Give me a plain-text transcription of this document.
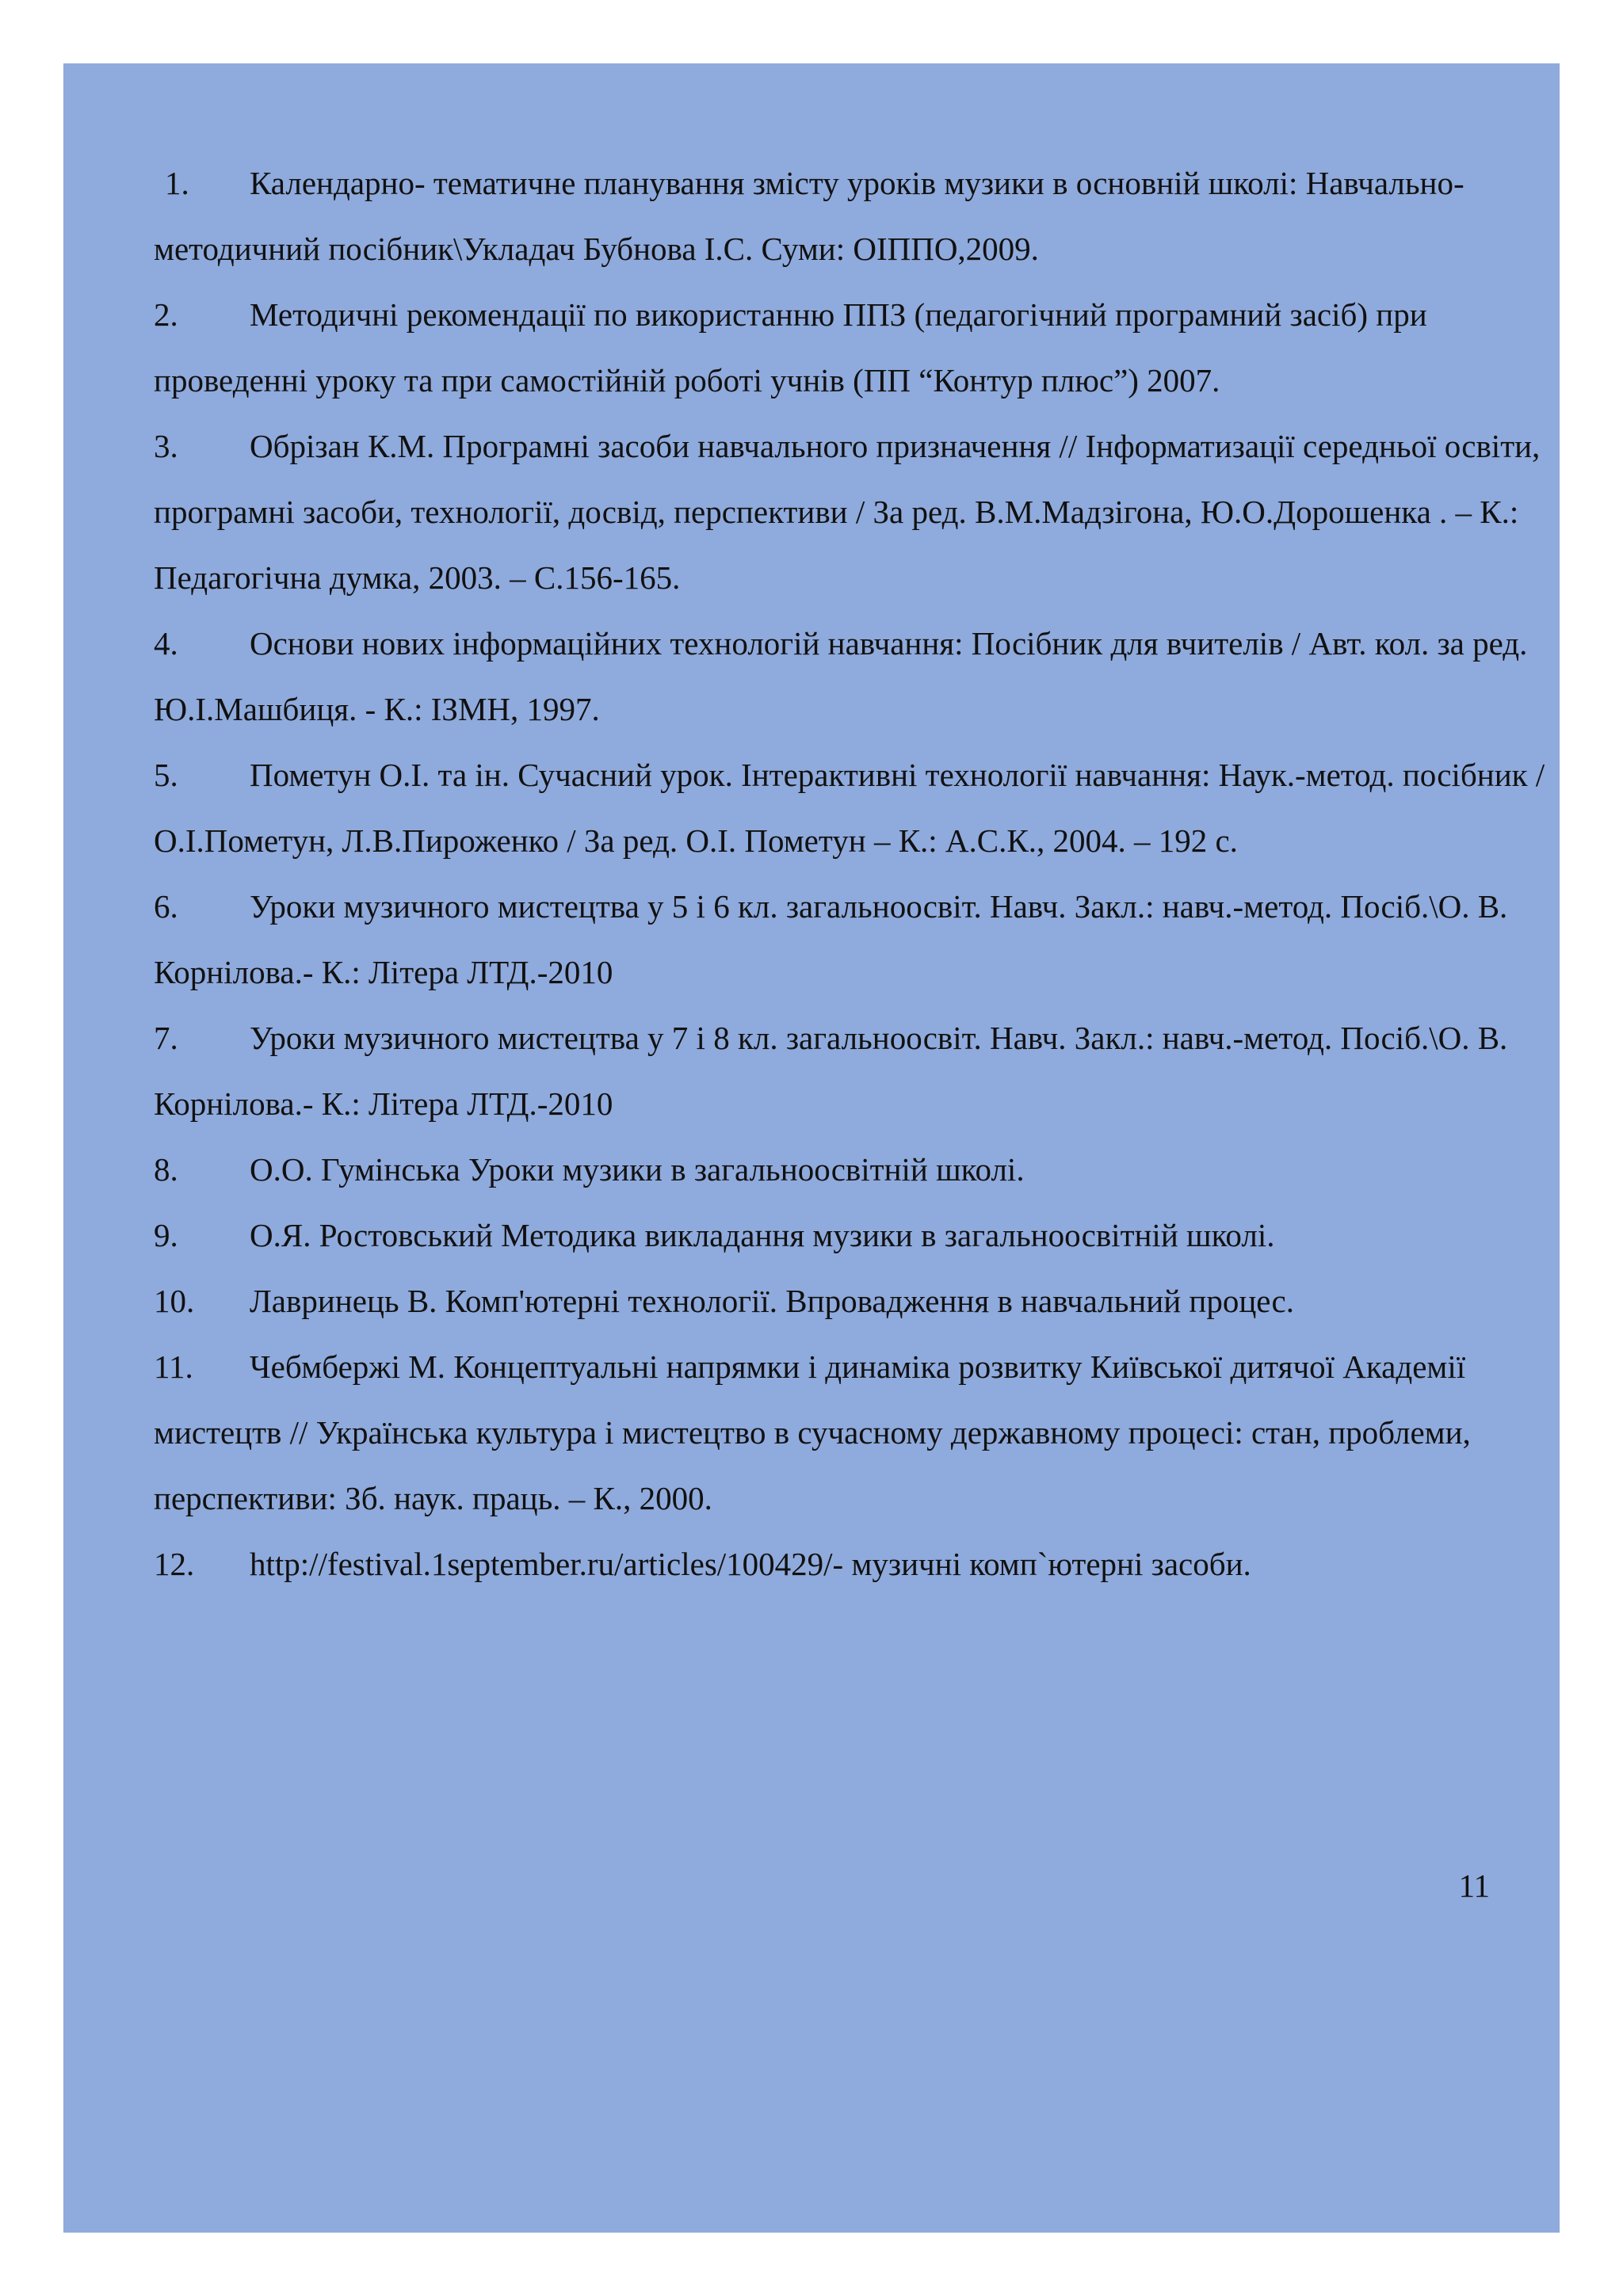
1. Календарно- тематичне планування змісту уроків музики в основній школі: Навчально- методичний посібник\Укладач Бубнова І.С. Суми: ОІППО,2009.

2. Методичні рекомендації по використанню ППЗ (педагогічний програмний засіб) при проведенні уроку та при самостійній роботі учнів (ПП “Контур плюс”) 2007.

3. Обрізан К.М. Програмні засоби навчального призначення // Інформатизації середньої освіти, програмні засоби, технології, досвід, перспективи / За ред. В.М.Мадзігона, Ю.О.Дорошенка . – К.: Педагогічна думка, 2003. – С.156-165.

4. Основи нових інформаційних технологій навчання: Посібник для вчителів / Авт. кол. за ред. Ю.І.Машбиця. - К.: ІЗМН, 1997.

5. Пометун О.І. та ін. Сучасний урок. Інтерактивні технології навчання: Наук.-метод. посібник / О.І.Пометун, Л.В.Пироженко / За ред. О.І. Пометун – К.: А.С.К., 2004. – 192 с.

6. Уроки музичного мистецтва у 5 і 6 кл. загальноосвіт. Навч. Закл.: навч.-метод. Посіб.\О. В. Корнілова.- К.: Літера ЛТД.-2010

7. Уроки музичного мистецтва у 7 і 8 кл. загальноосвіт. Навч. Закл.: навч.-метод. Посіб.\О. В. Корнілова.- К.: Літера ЛТД.-2010

8. О.О. Гумінська Уроки музики в загальноосвітній школі.

9. О.Я. Ростовський Методика викладання музики в загальноосвітній школі.

10. Лавринець В. Комп'ютерні технології. Впровадження в навчальний процес.

11. Чебмбержі М. Концептуальні напрямки і динаміка розвитку Київської дитячої Академії мистецтв // Українська культура і мистецтво в сучасному державному процесі: стан, проблеми, перспективи: Зб. наук. праць. – К., 2000.

12. http://festival.1september.ru/articles/100429/- музичні комп`ютерні засоби.

11
